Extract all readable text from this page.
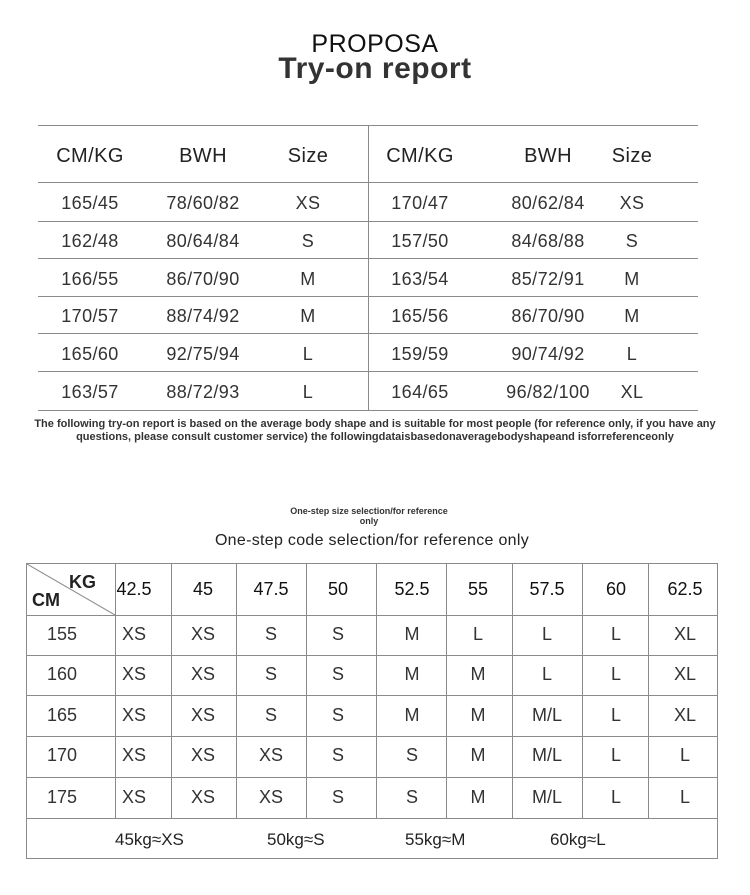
PROPOSA
Try-on report
CM/KG	BWH	Size	CM/KG	BWH	Size
165/45	78/60/82	XS	170/47	80/62/84	XS
162/48	80/64/84	S	157/50	84/68/88	S
166/55	86/70/90	M	163/54	85/72/91	M
170/57	88/74/92	M	165/56	86/70/90	M
165/60	92/75/94	L	159/59	90/74/92	L
163/57	88/72/93	L	164/65	96/82/100	XL
The following try-on report is based on the average body shape and is suitable for most people (for reference only, if you have any questions, please consult customer service) the followingdataisbasedonaveragebodyshapeand isforreferenceonly
One-step size selection/for reference only
One-step code selection/for reference only
KG
CM
42.5	45	47.5	50	52.5	55	57.5	60	62.5
155	XS	XS	S	S	M	L	L	L	XL
160	XS	XS	S	S	M	M	L	L	XL
165	XS	XS	S	S	M	M	M/L	L	XL
170	XS	XS	XS	S	S	M	M/L	L	L
175	XS	XS	XS	S	S	M	M/L	L	L
45kg≈XS	50kg≈S	55kg≈M	60kg≈L
